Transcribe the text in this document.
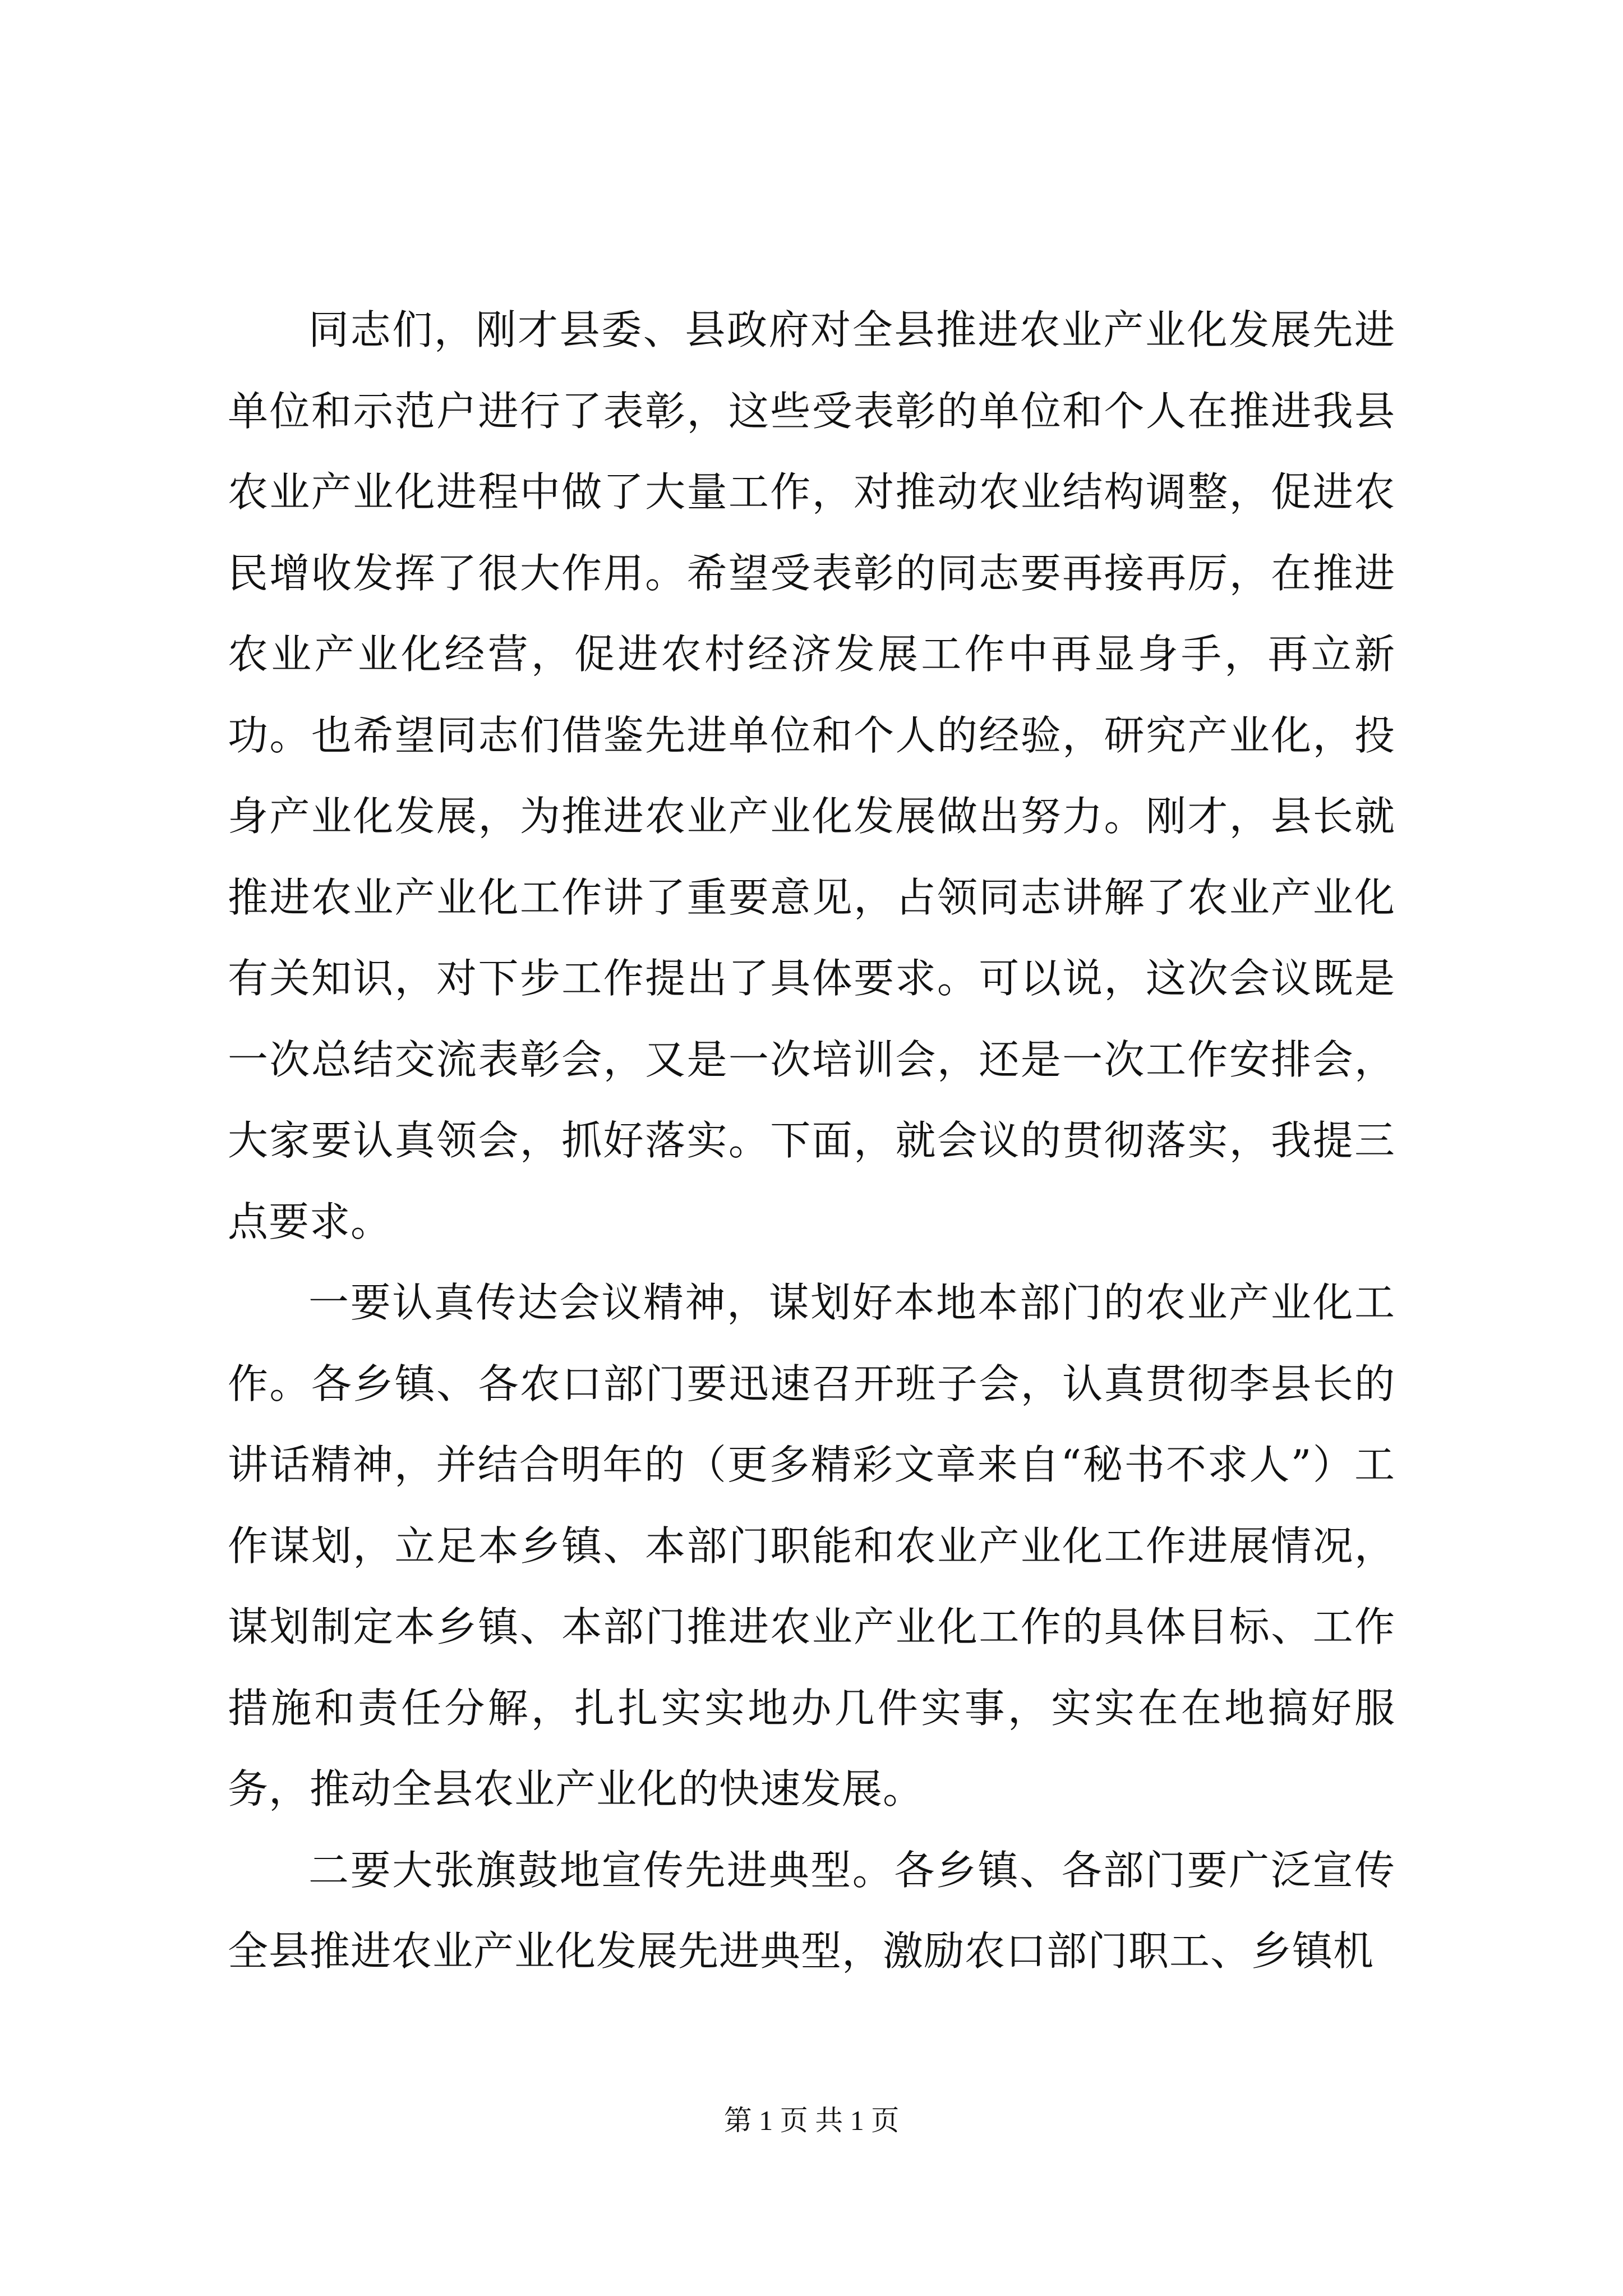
同志们，刚才县委、县政府对全县推进农业产业化发展先进单位和示范户进行了表彰，这些受表彰的单位和个人在推进我县农业产业化进程中做了大量工作，对推动农业结构调整，促进农民增收发挥了很大作用。希望受表彰的同志要再接再厉，在推进农业产业化经营，促进农村经济发展工作中再显身手，再立新功。也希望同志们借鉴先进单位和个人的经验，研究产业化，投身产业化发展，为推进农业产业化发展做出努力。刚才，县长就推进农业产业化工作讲了重要意见，占领同志讲解了农业产业化有关知识，对下步工作提出了具体要求。可以说，这次会议既是一次总结交流表彰会，又是一次培训会，还是一次工作安排会，大家要认真领会，抓好落实。下面，就会议的贯彻落实，我提三点要求。

一要认真传达会议精神，谋划好本地本部门的农业产业化工作。各乡镇、各农口部门要迅速召开班子会，认真贯彻李县长的讲话精神，并结合明年的（更多精彩文章来自“秘书不求人”）工作谋划，立足本乡镇、本部门职能和农业产业化工作进展情况，谋划制定本乡镇、本部门推进农业产业化工作的具体目标、工作措施和责任分解，扎扎实实地办几件实事，实实在在地搞好服务，推动全县农业产业化的快速发展。

二要大张旗鼓地宣传先进典型。各乡镇、各部门要广泛宣传全县推进农业产业化发展先进典型，激励农口部门职工、乡镇机

第 1 页 共 1 页
